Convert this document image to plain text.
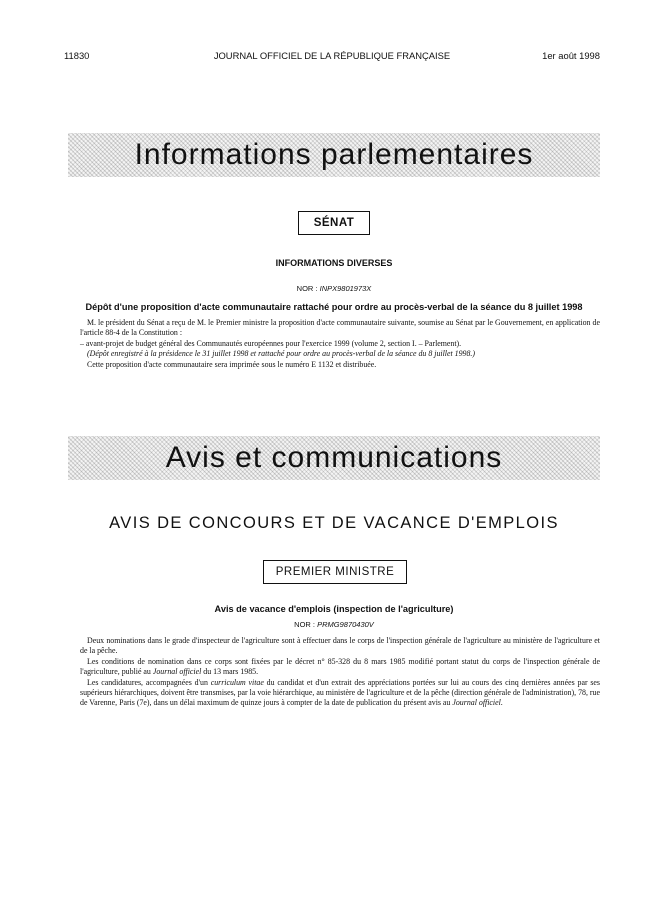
11830	JOURNAL OFFICIEL DE LA RÉPUBLIQUE FRANÇAISE	1er août 1998
Informations parlementaires
SÉNAT
INFORMATIONS DIVERSES
NOR : INPX9801973X
Dépôt d'une proposition d'acte communautaire rattaché pour ordre au procès-verbal de la séance du 8 juillet 1998

M. le président du Sénat a reçu de M. le Premier ministre la proposition d'acte communautaire suivante, soumise au Sénat par le Gouvernement, en application de l'article 88-4 de la Constitution :

– avant-projet de budget général des Communautés européennes pour l'exercice 1999 (volume 2, section I. – Parlement).

(Dépôt enregistré à la présidence le 31 juillet 1998 et rattaché pour ordre au procès-verbal de la séance du 8 juillet 1998.)

Cette proposition d'acte communautaire sera imprimée sous le numéro E 1132 et distribuée.

Avis et communications
AVIS DE CONCOURS ET DE VACANCE D'EMPLOIS
PREMIER MINISTRE
Avis de vacance d'emplois (inspection de l'agriculture)
NOR : PRMG9870430V

Deux nominations dans le grade d'inspecteur de l'agriculture sont à effectuer dans le corps de l'inspection générale de l'agriculture au ministère de l'agriculture et de la pêche.

Les conditions de nomination dans ce corps sont fixées par le décret n° 85-328 du 8 mars 1985 modifié portant statut du corps de l'inspection générale de l'agriculture, publié au Journal officiel du 13 mars 1985.

Les candidatures, accompagnées d'un curriculum vitae du candidat et d'un extrait des appréciations portées sur lui au cours des cinq dernières années par ses supérieurs hiérarchiques, doivent être transmises, par la voie hiérarchique, au ministère de l'agriculture et de la pêche (direction générale de l'administration), 78, rue de Varenne, Paris (7e), dans un délai maximum de quinze jours à compter de la date de publication du présent avis au Journal officiel.
